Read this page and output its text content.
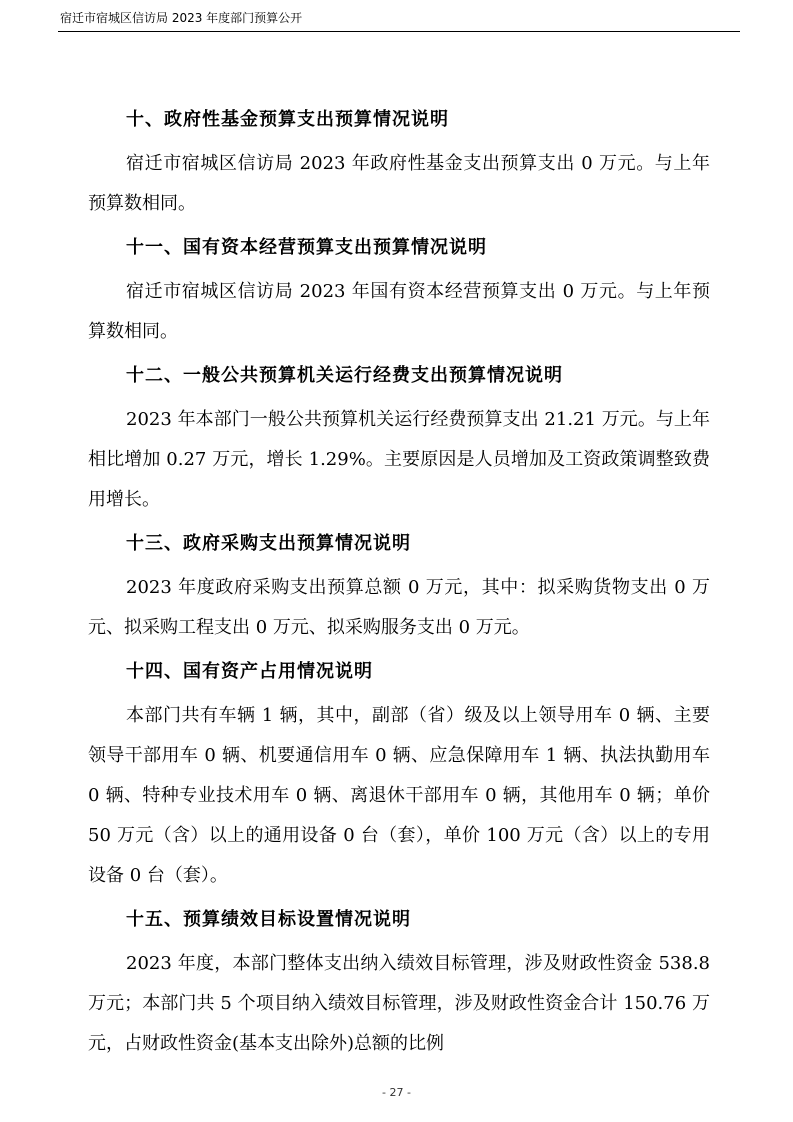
宿迁市宿城区信访局 2023 年度部门预算公开
十、政府性基金预算支出预算情况说明

宿迁市宿城区信访局 2023 年政府性基金支出预算支出 0 万元。与上年预算数相同。

十一、国有资本经营预算支出预算情况说明

宿迁市宿城区信访局 2023 年国有资本经营预算支出 0 万元。与上年预算数相同。

十二、一般公共预算机关运行经费支出预算情况说明

2023 年本部门一般公共预算机关运行经费预算支出 21.21 万元。与上年相比增加 0.27 万元，增长 1.29%。主要原因是人员增加及工资政策调整致费用增长。

十三、政府采购支出预算情况说明

2023 年度政府采购支出预算总额 0 万元，其中：拟采购货物支出 0 万元、拟采购工程支出 0 万元、拟采购服务支出 0 万元。

十四、国有资产占用情况说明

本部门共有车辆 1 辆，其中，副部（省）级及以上领导用车 0 辆、主要领导干部用车 0 辆、机要通信用车 0 辆、应急保障用车 1 辆、执法执勤用车 0 辆、特种专业技术用车 0 辆、离退休干部用车 0 辆，其他用车 0 辆；单价 50 万元（含）以上的通用设备 0 台（套），单价 100 万元（含）以上的专用设备 0 台（套）。

十五、预算绩效目标设置情况说明

2023 年度，本部门整体支出纳入绩效目标管理，涉及财政性资金 538.8 万元；本部门共 5 个项目纳入绩效目标管理，涉及财政性资金合计 150.76 万元，占财政性资金(基本支出除外)总额的比例

- 27 -
